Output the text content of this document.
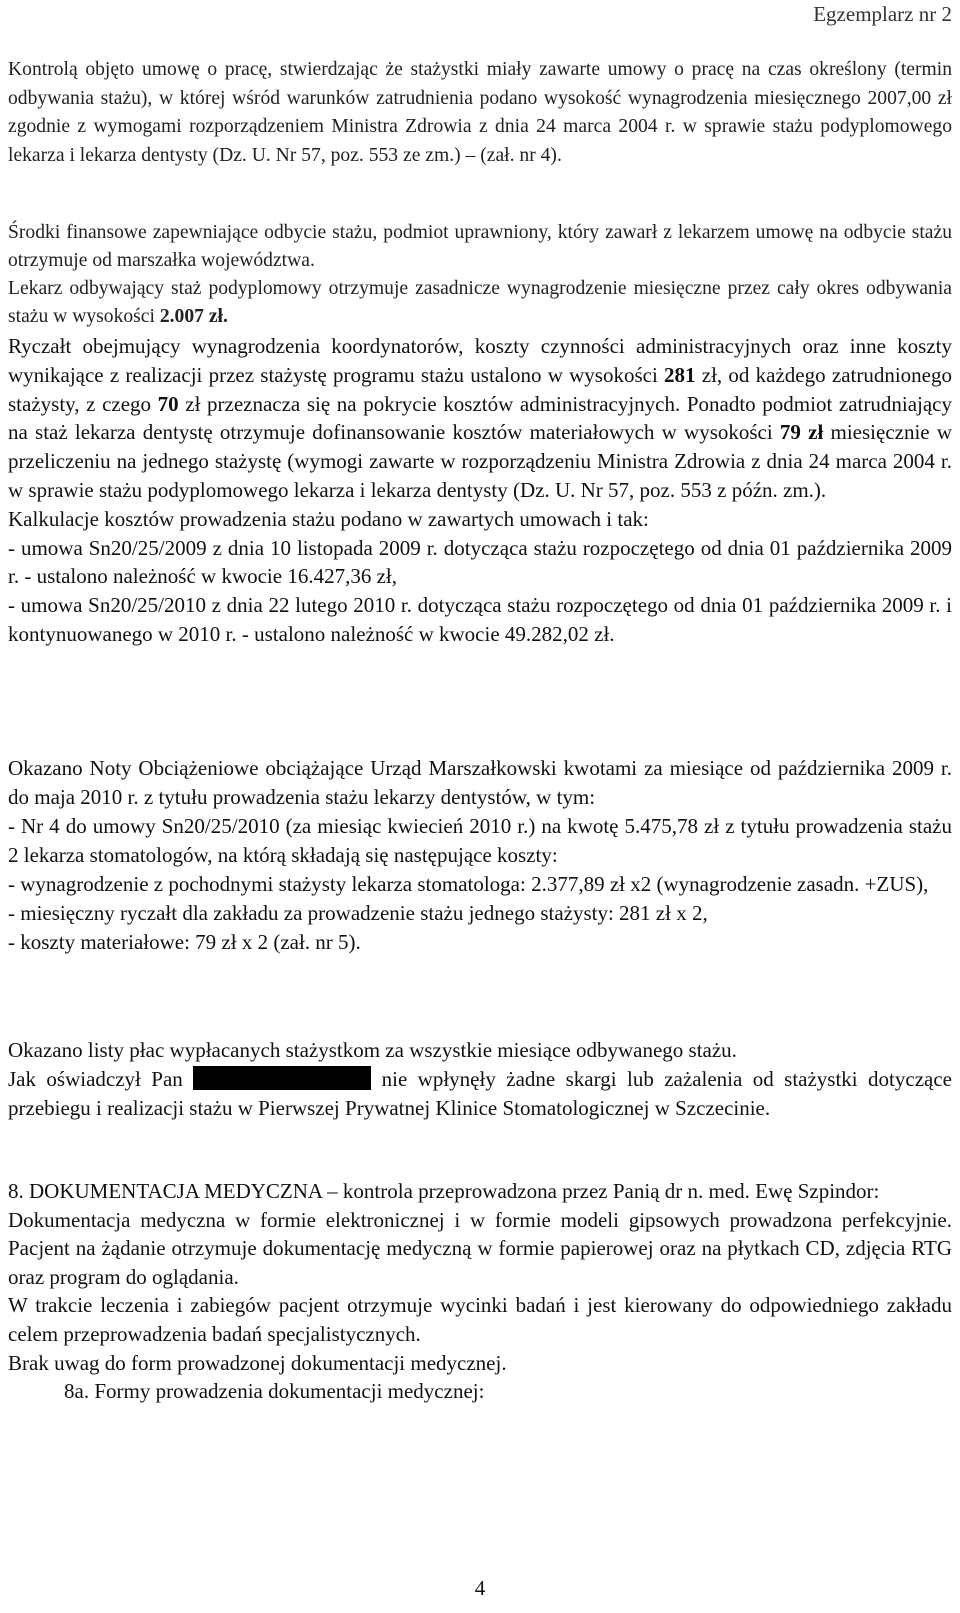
Egzemplarz nr 2

Kontrolą objęto umowę o pracę, stwierdzając że stażystki miały zawarte umowy o pracę na czas określony (termin odbywania stażu), w której wśród warunków zatrudnienia podano wysokość wynagrodzenia miesięcznego 2007,00 zł zgodnie z wymogami rozporządzeniem Ministra Zdrowia z dnia 24 marca 2004 r. w sprawie stażu podyplomowego lekarza i lekarza dentysty (Dz. U. Nr 57, poz. 553 ze zm.) – (zał. nr 4).

Środki finansowe zapewniające odbycie stażu, podmiot uprawniony, który zawarł z lekarzem umowę na odbycie stażu otrzymuje od marszałka województwa.

Lekarz odbywający staż podyplomowy otrzymuje zasadnicze wynagrodzenie miesięczne przez cały okres odbywania stażu w wysokości 2.007 zł.

Ryczałt obejmujący wynagrodzenia koordynatorów, koszty czynności administracyjnych oraz inne koszty wynikające z realizacji przez stażystę programu stażu ustalono w wysokości 281 zł, od każdego zatrudnionego stażysty, z czego 70 zł przeznacza się na pokrycie kosztów administracyjnych. Ponadto podmiot zatrudniający na staż lekarza dentystę otrzymuje dofinansowanie kosztów materiałowych w wysokości 79 zł miesięcznie w przeliczeniu na jednego stażystę (wymogi zawarte w rozporządzeniu Ministra Zdrowia z dnia 24 marca 2004 r. w sprawie stażu podyplomowego lekarza i lekarza dentysty (Dz. U. Nr 57, poz. 553 z późn. zm.).

Kalkulacje kosztów prowadzenia stażu podano w zawartych umowach i tak:

- umowa Sn20/25/2009 z dnia 10 listopada 2009 r. dotycząca stażu rozpoczętego od dnia 01 października 2009 r. - ustalono należność w kwocie 16.427,36 zł,

- umowa Sn20/25/2010 z dnia 22 lutego 2010 r. dotycząca stażu rozpoczętego od dnia 01 października 2009 r. i kontynuowanego w 2010 r. - ustalono należność w kwocie 49.282,02 zł.

Okazano Noty Obciążeniowe obciążające Urząd Marszałkowski kwotami za miesiące od października 2009 r. do maja 2010 r. z tytułu prowadzenia stażu lekarzy dentystów, w tym:

- Nr 4 do umowy Sn20/25/2010 (za miesiąc kwiecień 2010 r.) na kwotę 5.475,78 zł z tytułu prowadzenia stażu 2 lekarza stomatologów, na którą składają się następujące koszty:

- wynagrodzenie z pochodnymi stażysty lekarza stomatologa: 2.377,89 zł x2 (wynagrodzenie zasadn. +ZUS),

- miesięczny ryczałt dla zakładu za prowadzenie stażu jednego stażysty: 281 zł x 2,

- koszty materiałowe: 79 zł x 2 (zał. nr 5).

Okazano listy płac wypłacanych stażystkom za wszystkie miesiące odbywanego stażu.

Jak oświadczył Pan	nie wpłynęły żadne skargi lub zażalenia od stażystki dotyczące przebiegu i realizacji stażu w Pierwszej Prywatnej Klinice Stomatologicznej w Szczecinie.

8. DOKUMENTACJA MEDYCZNA – kontrola przeprowadzona przez Panią dr n. med. Ewę Szpindor:

Dokumentacja medyczna w formie elektronicznej i w formie modeli gipsowych prowadzona perfekcyjnie. Pacjent na żądanie otrzymuje dokumentację medyczną w formie papierowej oraz na płytkach CD, zdjęcia RTG oraz program do oglądania.

W trakcie leczenia i zabiegów pacjent otrzymuje wycinki badań i jest kierowany do odpowiedniego zakładu celem przeprowadzenia badań specjalistycznych.

Brak uwag do form prowadzonej dokumentacji medycznej.

8a. Formy prowadzenia dokumentacji medycznej:

4
